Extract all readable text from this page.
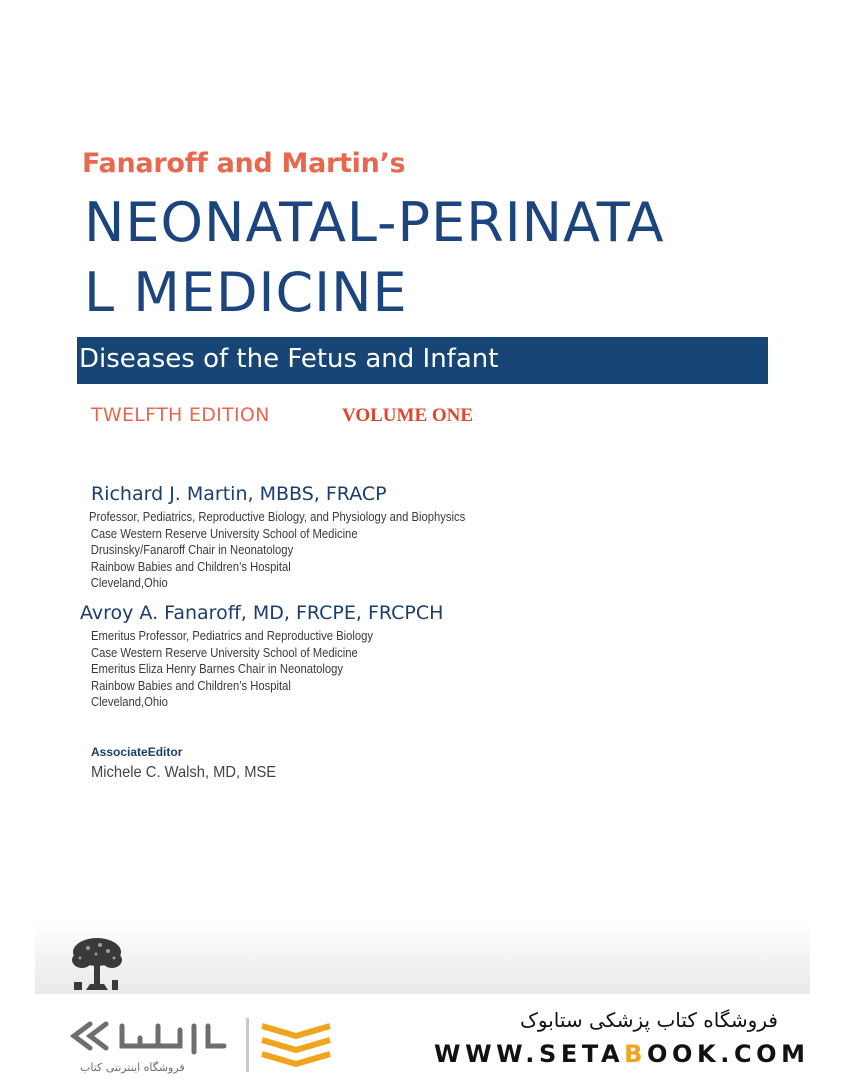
Fanaroff and Martin’s
NEONATAL-PERINATA
L MEDICINE
Diseases of the Fetus and Infant
TWELFTH EDITION	VOLUME ONE
Richard J. Martin, MBBS, FRACP
Professor, Pediatrics, Reproductive Biology, and Physiology and Biophysics
Case Western Reserve University School of Medicine
Drusinsky/Fanaroff Chair in Neonatology
Rainbow Babies and Children’s Hospital
Cleveland,Ohio
Avroy A. Fanaroff, MD, FRCPE, FRCPCH
Emeritus Professor, Pediatrics and Reproductive Biology
Case Western Reserve University School of Medicine
Emeritus Eliza Henry Barnes Chair in Neonatology
Rainbow Babies and Children’s Hospital
Cleveland,Ohio
AssociateEditor
Michele C. Walsh, MD, MSE
فروشگاه اینترنتی کتاب
فروشگاه کتاب پزشکی ستابوک
WWW.SETABOOK.COM
